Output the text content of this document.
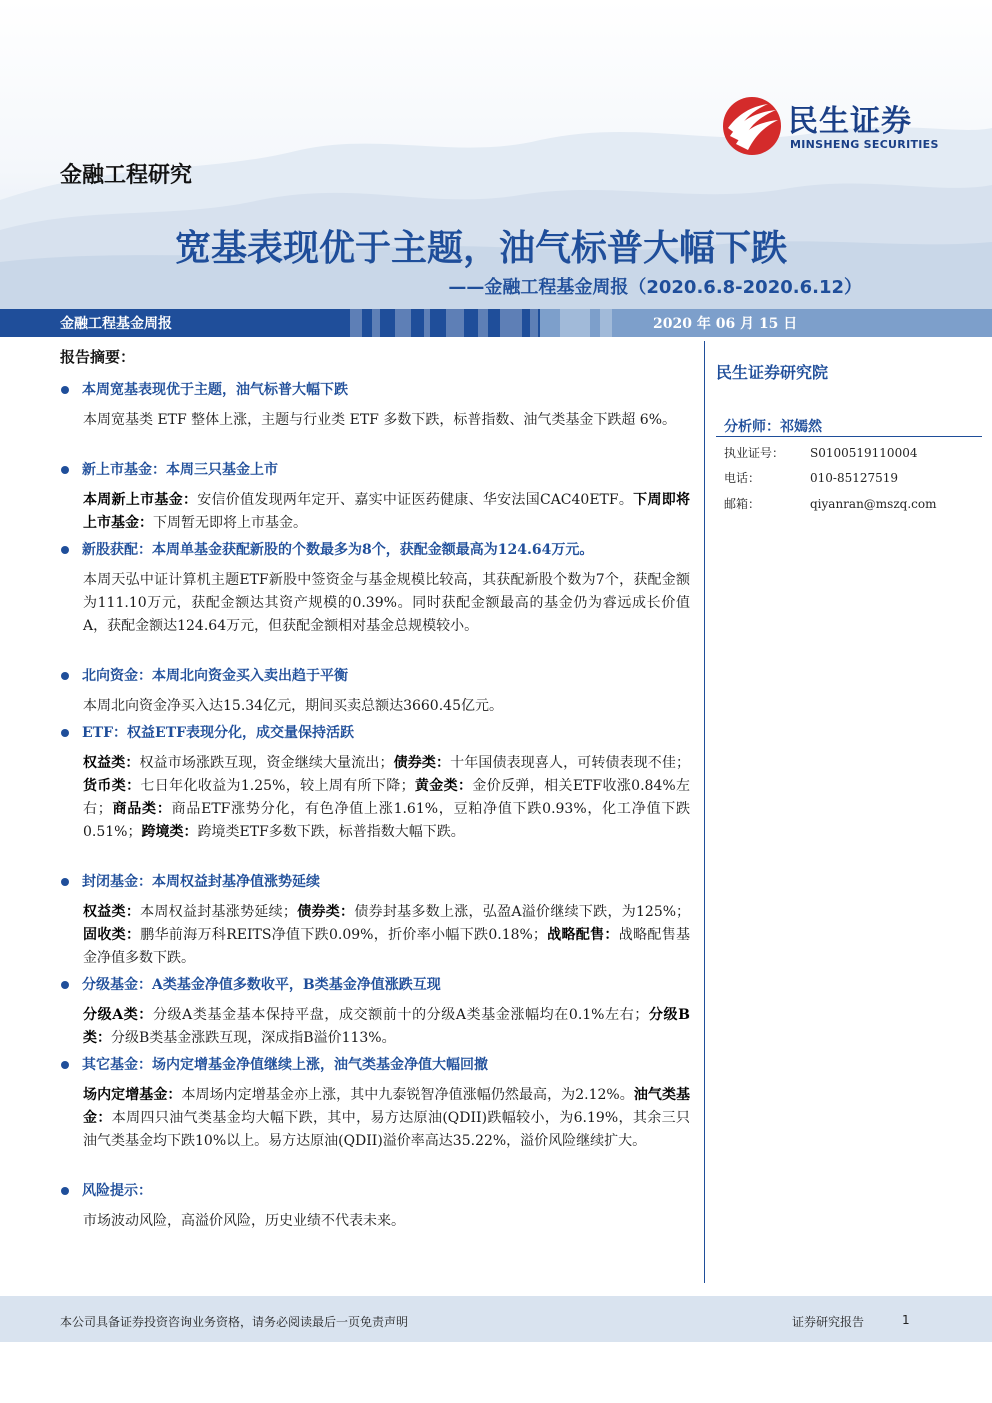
民生证券
MINSHENG SECURITIES
金融工程研究
宽基表现优于主题，油气标普大幅下跌
——金融工程基金周报（2020.6.8-2020.6.12）
金融工程基金周报	2020 年 06 月 15 日
报告摘要：
本周宽基表现优于主题，油气标普大幅下跌
本周宽基类 ETF 整体上涨，主题与行业类 ETF 多数下跌，标普指数、油气类基金下跌超 6%。
新上市基金：本周三只基金上市
本周新上市基金：安信价值发现两年定开、嘉实中证医药健康、华安法国CAC40ETF。下周即将上市基金：下周暂无即将上市基金。
新股获配：本周单基金获配新股的个数最多为8个，获配金额最高为124.64万元。
本周天弘中证计算机主题ETF新股中签资金与基金规模比较高，其获配新股个数为7个，获配金额为111.10万元，获配金额达其资产规模的0.39%。同时获配金额最高的基金仍为睿远成长价值A，获配金额达124.64万元，但获配金额相对基金总规模较小。
北向资金：本周北向资金买入卖出趋于平衡
本周北向资金净买入达15.34亿元，期间买卖总额达3660.45亿元。
ETF：权益ETF表现分化，成交量保持活跃
权益类：权益市场涨跌互现，资金继续大量流出；债券类：十年国债表现喜人，可转债表现不佳；货币类：七日年化收益为1.25%，较上周有所下降；黄金类：金价反弹，相关ETF收涨0.84%左右；商品类：商品ETF涨势分化，有色净值上涨1.61%，豆粕净值下跌0.93%，化工净值下跌0.51%；跨境类：跨境类ETF多数下跌，标普指数大幅下跌。
封闭基金：本周权益封基净值涨势延续
权益类：本周权益封基涨势延续；债券类：债券封基多数上涨，弘盈A溢价继续下跌，为125%；固收类：鹏华前海万科REITS净值下跌0.09%，折价率小幅下跌0.18%；战略配售：战略配售基金净值多数下跌。
分级基金：A类基金净值多数收平，B类基金净值涨跌互现
分级A类：分级A类基金基本保持平盘，成交额前十的分级A类基金涨幅均在0.1%左右；分级B类：分级B类基金涨跌互现，深成指B溢价113%。
其它基金：场内定增基金净值继续上涨，油气类基金净值大幅回撤
场内定增基金：本周场内定增基金亦上涨，其中九泰锐智净值涨幅仍然最高，为2.12%。油气类基金：本周四只油气类基金均大幅下跌，其中，易方达原油(QDII)跌幅较小，为6.19%，其余三只油气类基金均下跌10%以上。易方达原油(QDII)溢价率高达35.22%，溢价风险继续扩大。
风险提示：
市场波动风险，高溢价风险，历史业绩不代表未来。
民生证券研究院
分析师：祁嫣然
执业证号： S0100519110004
电话：	010-85127519
邮箱：	qiyanran@mszq.com
本公司具备证券投资咨询业务资格，请务必阅读最后一页免责声明	证券研究报告	1
